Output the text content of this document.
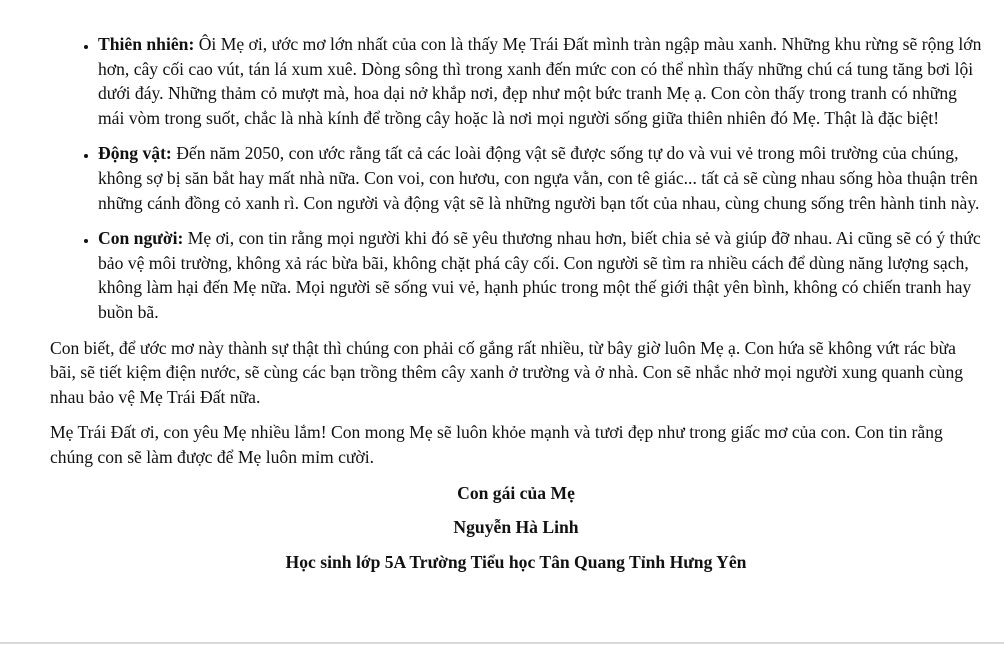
• Thiên nhiên: Ôi Mẹ ơi, ước mơ lớn nhất của con là thấy Mẹ Trái Đất mình tràn ngập màu xanh. Những khu rừng sẽ rộng lớn hơn, cây cối cao vút, tán lá xum xuê. Dòng sông thì trong xanh đến mức con có thể nhìn thấy những chú cá tung tăng bơi lội dưới đáy. Những thảm cỏ mượt mà, hoa dại nở khắp nơi, đẹp như một bức tranh Mẹ ạ. Con còn thấy trong tranh có những mái vòm trong suốt, chắc là nhà kính để trồng cây hoặc là nơi mọi người sống giữa thiên nhiên đó Mẹ. Thật là đặc biệt!
• Động vật: Đến năm 2050, con ước rằng tất cả các loài động vật sẽ được sống tự do và vui vẻ trong môi trường của chúng, không sợ bị săn bắt hay mất nhà nữa. Con voi, con hươu, con ngựa vằn, con tê giác... tất cả sẽ cùng nhau sống hòa thuận trên những cánh đồng cỏ xanh rì. Con người và động vật sẽ là những người bạn tốt của nhau, cùng chung sống trên hành tinh này.
• Con người: Mẹ ơi, con tin rằng mọi người khi đó sẽ yêu thương nhau hơn, biết chia sẻ và giúp đỡ nhau. Ai cũng sẽ có ý thức bảo vệ môi trường, không xả rác bừa bãi, không chặt phá cây cối. Con người sẽ tìm ra nhiều cách để dùng năng lượng sạch, không làm hại đến Mẹ nữa. Mọi người sẽ sống vui vẻ, hạnh phúc trong một thế giới thật yên bình, không có chiến tranh hay buồn bã.

Con biết, để ước mơ này thành sự thật thì chúng con phải cố gắng rất nhiều, từ bây giờ luôn Mẹ ạ. Con hứa sẽ không vứt rác bừa bãi, sẽ tiết kiệm điện nước, sẽ cùng các bạn trồng thêm cây xanh ở trường và ở nhà. Con sẽ nhắc nhở mọi người xung quanh cùng nhau bảo vệ Mẹ Trái Đất nữa.

Mẹ Trái Đất ơi, con yêu Mẹ nhiều lắm! Con mong Mẹ sẽ luôn khỏe mạnh và tươi đẹp như trong giấc mơ của con. Con tin rằng chúng con sẽ làm được để Mẹ luôn mỉm cười.

Con gái của Mẹ
Nguyễn Hà Linh
Học sinh lớp 5A Trường Tiểu học Tân Quang Tỉnh Hưng Yên
